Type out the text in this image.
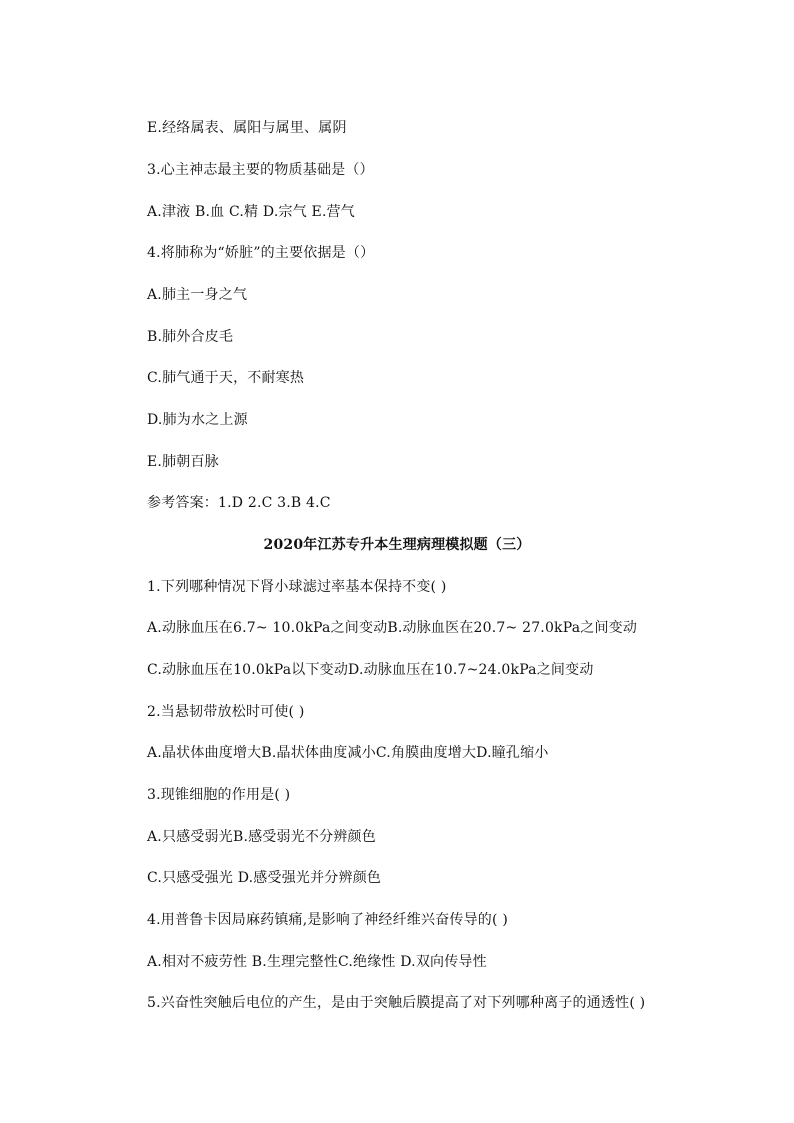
E.经络属表、属阳与属里、属阴
3.心主神志最主要的物质基础是（）
A.津液 B.血 C.精 D.宗气 E.营气
4.将肺称为“娇脏”的主要依据是（）
A.肺主一身之气
B.肺外合皮毛
C.肺气通于天，不耐寒热
D.肺为水之上源
E.肺朝百脉
参考答案：1.D 2.C 3.B 4.C
2020年江苏专升本生理病理模拟题（三）
1.下列哪种情况下肾小球滤过率基本保持不变( )
A.动脉血压在6.7~ 10.0kPa之间变动B.动脉血医在20.7~ 27.0kPa之间变动
C.动脉血压在10.0kPa以下变动D.动脉血压在10.7~24.0kPa之间变动
2.当悬韧带放松时可使( )
A.晶状体曲度增大B.晶状体曲度减小C.角膜曲度增大D.瞳孔缩小
3.现锥细胞的作用是( )
A.只感受弱光B.感受弱光不分辨颜色
C.只感受强光 D.感受强光并分辨颜色
4.用普鲁卡因局麻药镇痛,是影响了神经纤维兴奋传导的( )
A.相对不疲劳性 B.生理完整性C.绝缘性 D.双向传导性
5.兴奋性突触后电位的产生，是由于突触后膜提高了对下列哪种离子的通透性( )
